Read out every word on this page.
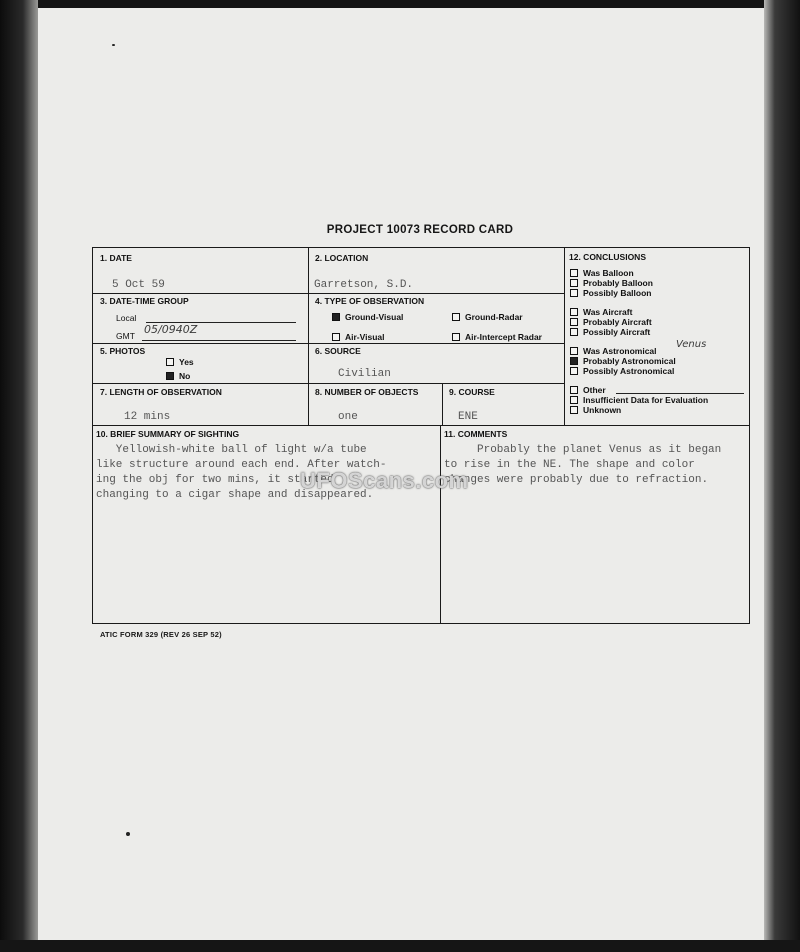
PROJECT 10073 RECORD CARD
1. DATE
5 Oct 59
2. LOCATION
Garretson, S.D.
3. DATE-TIME GROUP
Local
GMT 05/0940Z
4. TYPE OF OBSERVATION
Ground-Visual	Ground-Radar
Air-Visual	Air-Intercept Radar
5. PHOTOS
Yes
No
6. SOURCE
Civilian
7. LENGTH OF OBSERVATION
12 mins
8. NUMBER OF OBJECTS
one
9. COURSE
ENE
12. CONCLUSIONS
Was Balloon
Probably Balloon
Possibly Balloon
Was Aircraft
Probably Aircraft
Possibly Aircraft
Was Astronomical
Venus
Probably Astronomical
Possibly Astronomical
Other
Insufficient Data for Evaluation
Unknown
10. BRIEF SUMMARY OF SIGHTING
Yellowish-white ball of light w/a tube
like structure around each end. After watch-
ing the obj for two mins, it started
changing to a cigar shape and disappeared.
11. COMMENTS
Probably the planet Venus as it began
to rise in the NE. The shape and color
changes were probably due to refraction.
UFOScans.com
ATIC FORM 329 (REV 26 SEP 52)
